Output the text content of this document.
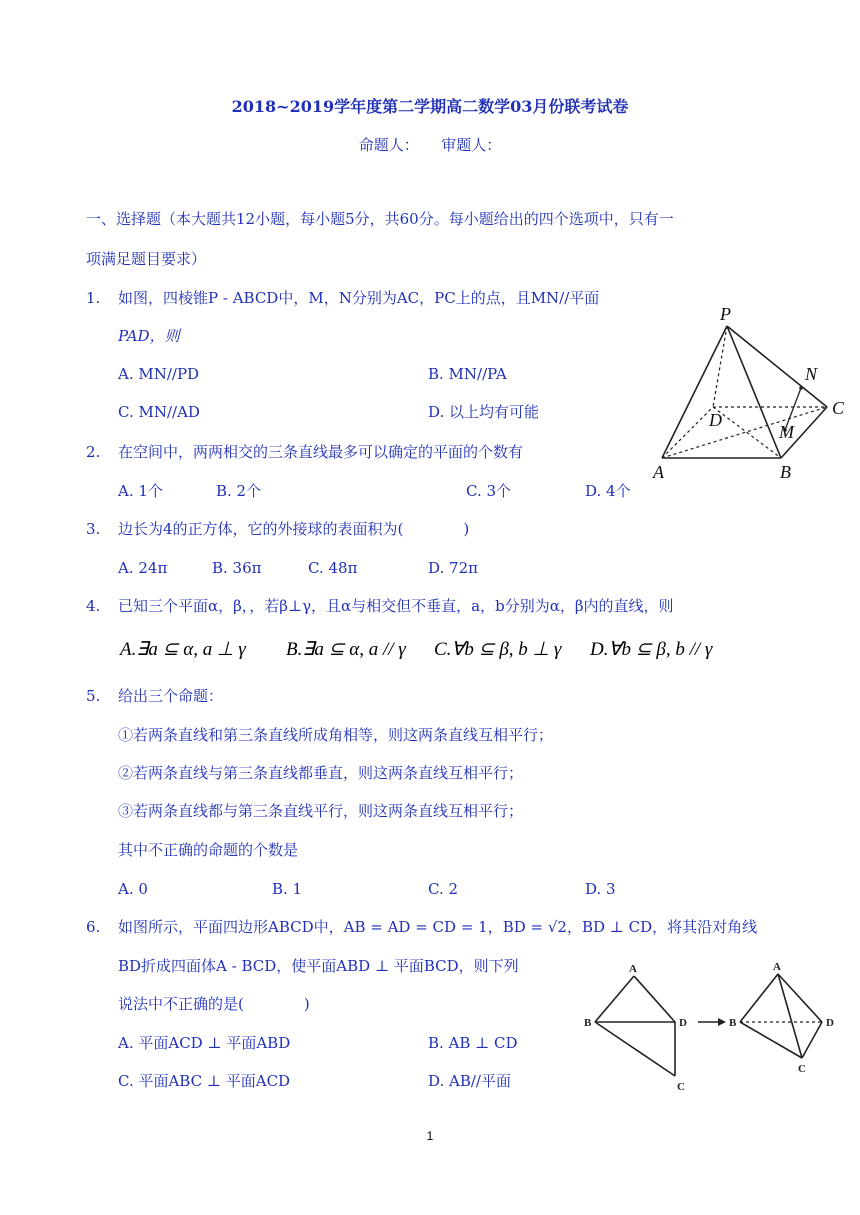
2018~2019学年度第二学期高二数学03月份联考试卷
命题人：　　审题人：
一、选择题（本大题共12小题，每小题5分，共60分。每小题给出的四个选项中，只有一
项满足题目要求）
1. 如图，四棱锥P - ABCD中，M，N分别为AC，PC上的点，且MN//平面
PAD，则
A. MN//PD	B. MN//PA
C. MN//AD	D. 以上均有可能
P
N
C
D
M
A	B
2. 在空间中，两两相交的三条直线最多可以确定的平面的个数有
A. 1个	B. 2个	C. 3个	D. 4个
3. 边长为4的正方体，它的外接球的表面积为(　　　　)
A. 24π	B. 36π	C. 48π	D. 72π
4. 已知三个平面α，β，，若β⊥γ，且α与相交但不垂直，a，b分别为α，β内的直线，则
A.∃a ⊆ α, a ⊥ γ B.∃a ⊆ α, a // γ C.∀b ⊆ β, b ⊥ γ D.∀b ⊆ β, b // γ
5. 给出三个命题：
①若两条直线和第三条直线所成角相等，则这两条直线互相平行；
②若两条直线与第三条直线都垂直，则这两条直线互相平行；
③若两条直线都与第三条直线平行，则这两条直线互相平行；
其中不正确的命题的个数是
A. 0	B. 1	C. 2	D. 3
6. 如图所示，平面四边形ABCD中，AB = AD = CD = 1，BD = √2，BD ⊥ CD，将其沿对角线
BD折成四面体A - BCD，使平面ABD ⊥ 平面BCD，则下列
说法中不正确的是(　　　　)
A. 平面ACD ⊥ 平面ABD	B. AB ⊥ CD
C. 平面ABC ⊥ 平面ACD	D. AB//平面
A
B	D
C
A
B	D
C
1
